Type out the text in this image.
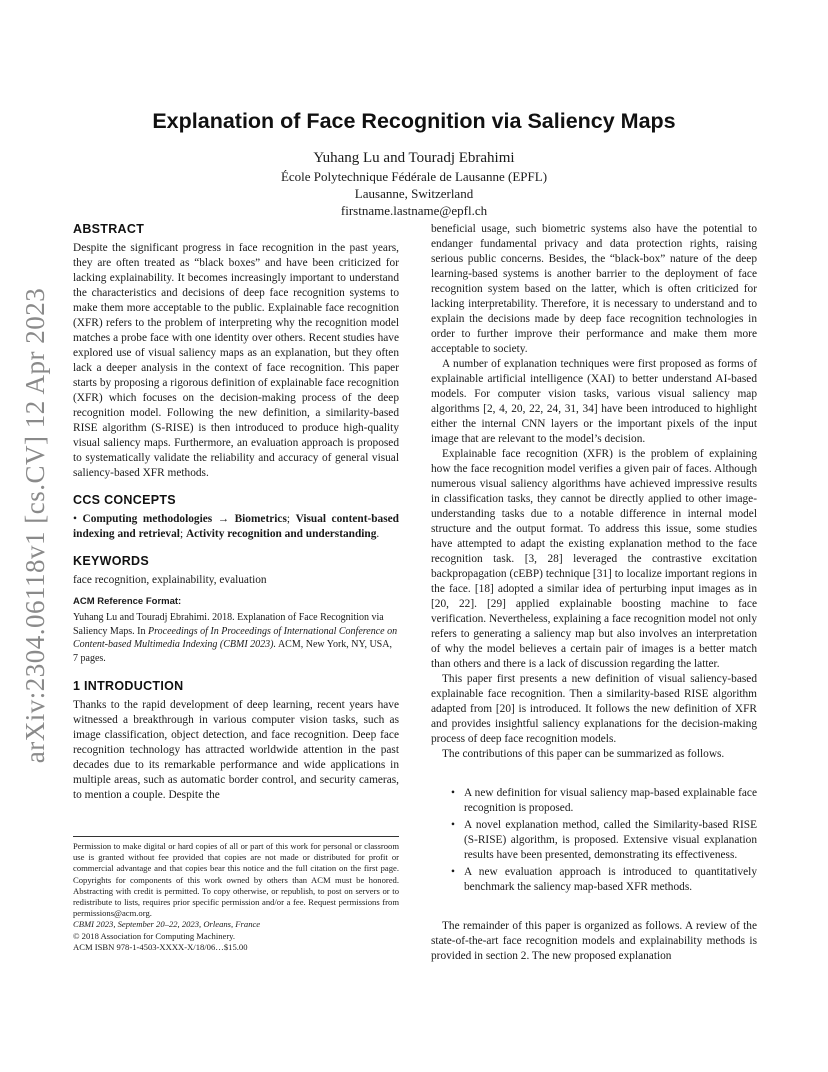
arXiv:2304.06118v1 [cs.CV] 12 Apr 2023
Explanation of Face Recognition via Saliency Maps
Yuhang Lu and Touradj Ebrahimi
École Polytechnique Fédérale de Lausanne (EPFL)
Lausanne, Switzerland
firstname.lastname@epfl.ch
ABSTRACT

Despite the significant progress in face recognition in the past years, they are often treated as “black boxes” and have been criticized for lacking explainability. It becomes increasingly important to understand the characteristics and decisions of deep face recognition systems to make them more acceptable to the public. Explainable face recognition (XFR) refers to the problem of interpreting why the recognition model matches a probe face with one identity over others. Recent studies have explored use of visual saliency maps as an explanation, but they often lack a deeper analysis in the context of face recognition. This paper starts by proposing a rigorous definition of explainable face recognition (XFR) which focuses on the decision-making process of the deep recognition model. Following the new definition, a similarity-based RISE algorithm (S-RISE) is then introduced to produce high-quality visual saliency maps. Furthermore, an evaluation approach is proposed to systematically validate the reliability and accuracy of general visual saliency-based XFR methods.

CCS CONCEPTS

• Computing methodologies → Biometrics; Visual content-based indexing and retrieval; Activity recognition and understanding.

KEYWORDS

face recognition, explainability, evaluation

ACM Reference Format:

Yuhang Lu and Touradj Ebrahimi. 2018. Explanation of Face Recognition via Saliency Maps. In Proceedings of In Proceedings of International Conference on Content-based Multimedia Indexing (CBMI 2023). ACM, New York, NY, USA, 7 pages.

1 INTRODUCTION

Thanks to the rapid development of deep learning, recent years have witnessed a breakthrough in various computer vision tasks, such as image classification, object detection, and face recognition. Deep face recognition technology has attracted worldwide attention in the past decades due to its remarkable performance and wide applications in multiple areas, such as automatic border control, and security cameras, to mention a couple. Despite the

Permission to make digital or hard copies of all or part of this work for personal or classroom use is granted without fee provided that copies are not made or distributed for profit or commercial advantage and that copies bear this notice and the full citation on the first page. Copyrights for components of this work owned by others than ACM must be honored. Abstracting with credit is permitted. To copy otherwise, or republish, to post on servers or to redistribute to lists, requires prior specific permission and/or a fee. Request permissions from permissions@acm.org.

CBMI 2023, September 20–22, 2023, Orleans, France

© 2018 Association for Computing Machinery.

ACM ISBN 978-1-4503-XXXX-X/18/06…$15.00

beneficial usage, such biometric systems also have the potential to endanger fundamental privacy and data protection rights, raising serious public concerns. Besides, the “black-box” nature of the deep learning-based systems is another barrier to the deployment of face recognition system based on the latter, which is often criticized for lacking interpretability. Therefore, it is necessary to understand and to explain the decisions made by deep face recognition technologies in order to further improve their performance and make them more acceptable to society.

A number of explanation techniques were first proposed as forms of explainable artificial intelligence (XAI) to better understand AI-based models. For computer vision tasks, various visual saliency map algorithms [2, 4, 20, 22, 24, 31, 34] have been introduced to highlight either the internal CNN layers or the important pixels of the input image that are relevant to the model’s decision.

Explainable face recognition (XFR) is the problem of explaining how the face recognition model verifies a given pair of faces. Although numerous visual saliency algorithms have achieved impressive results in classification tasks, they cannot be directly applied to other image-understanding tasks due to a notable difference in internal model structure and the output format. To address this issue, some studies have attempted to adapt the existing explanation method to the face recognition task. [3, 28] leveraged the contrastive excitation backpropagation (cEBP) technique [31] to localize important regions in the face. [18] adopted a similar idea of perturbing input images as in [20, 22]. [29] applied explainable boosting machine to face verification. Nevertheless, explaining a face recognition model not only refers to generating a saliency map but also involves an interpretation of why the model believes a certain pair of images is a better match than others and there is a lack of discussion regarding the latter.

This paper first presents a new definition of visual saliency-based explainable face recognition. Then a similarity-based RISE algorithm adapted from [20] is introduced. It follows the new definition of XFR and provides insightful saliency explanations for the decision-making process of deep face recognition models.

The contributions of this paper can be summarized as follows.

• A new definition for visual saliency map-based explainable face recognition is proposed.
• A novel explanation method, called the Similarity-based RISE (S-RISE) algorithm, is proposed. Extensive visual explanation results have been presented, demonstrating its effectiveness.
• A new evaluation approach is introduced to quantitatively benchmark the saliency map-based XFR methods.

The remainder of this paper is organized as follows. A review of the state-of-the-art face recognition models and explainability methods is provided in section 2. The new proposed explanation
